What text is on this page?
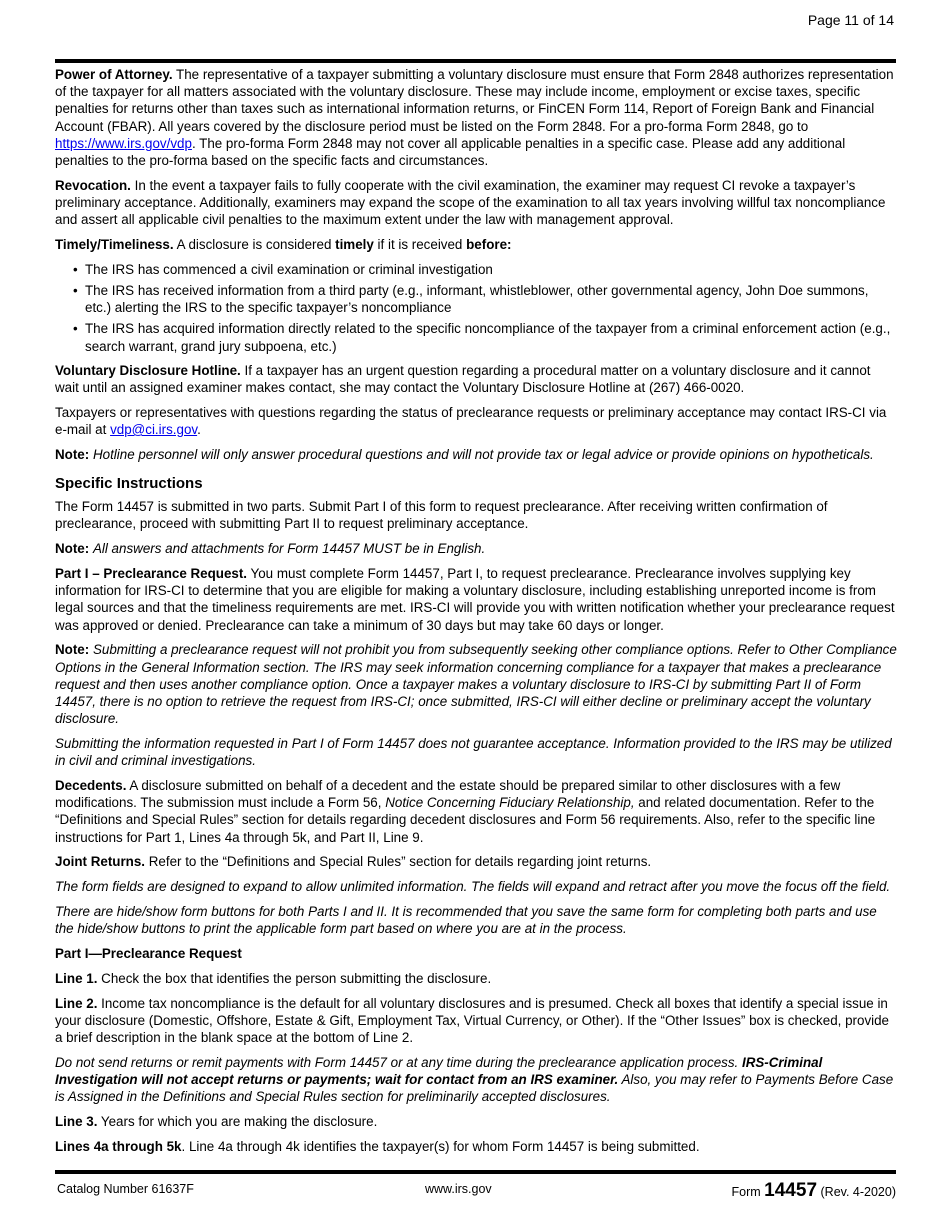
Page 11 of 14

Power of Attorney. The representative of a taxpayer submitting a voluntary disclosure must ensure that Form 2848 authorizes representation of the taxpayer for all matters associated with the voluntary disclosure. These may include income, employment or excise taxes, specific penalties for returns other than taxes such as international information returns, or FinCEN Form 114, Report of Foreign Bank and Financial Account (FBAR). All years covered by the disclosure period must be listed on the Form 2848. For a pro-forma Form 2848, go to https://www.irs.gov/vdp. The pro-forma Form 2848 may not cover all applicable penalties in a specific case. Please add any additional penalties to the pro-forma based on the specific facts and circumstances.

Revocation. In the event a taxpayer fails to fully cooperate with the civil examination, the examiner may request CI revoke a taxpayer’s preliminary acceptance. Additionally, examiners may expand the scope of the examination to all tax years involving willful tax noncompliance and assert all applicable civil penalties to the maximum extent under the law with management approval.

Timely/Timeliness. A disclosure is considered timely if it is received before:

• The IRS has commenced a civil examination or criminal investigation
• The IRS has received information from a third party (e.g., informant, whistleblower, other governmental agency, John Doe summons, etc.) alerting the IRS to the specific taxpayer’s noncompliance
• The IRS has acquired information directly related to the specific noncompliance of the taxpayer from a criminal enforcement action (e.g., search warrant, grand jury subpoena, etc.)

Voluntary Disclosure Hotline. If a taxpayer has an urgent question regarding a procedural matter on a voluntary disclosure and it cannot wait until an assigned examiner makes contact, she may contact the Voluntary Disclosure Hotline at (267) 466-0020.

Taxpayers or representatives with questions regarding the status of preclearance requests or preliminary acceptance may contact IRS-CI via e-mail at vdp@ci.irs.gov.

Note: Hotline personnel will only answer procedural questions and will not provide tax or legal advice or provide opinions on hypotheticals.

Specific Instructions

The Form 14457 is submitted in two parts. Submit Part I of this form to request preclearance. After receiving written confirmation of preclearance, proceed with submitting Part II to request preliminary acceptance.

Note: All answers and attachments for Form 14457 MUST be in English.

Part I – Preclearance Request. You must complete Form 14457, Part I, to request preclearance. Preclearance involves supplying key information for IRS-CI to determine that you are eligible for making a voluntary disclosure, including establishing unreported income is from legal sources and that the timeliness requirements are met. IRS-CI will provide you with written notification whether your preclearance request was approved or denied. Preclearance can take a minimum of 30 days but may take 60 days or longer.

Note: Submitting a preclearance request will not prohibit you from subsequently seeking other compliance options. Refer to Other Compliance Options in the General Information section. The IRS may seek information concerning compliance for a taxpayer that makes a preclearance request and then uses another compliance option. Once a taxpayer makes a voluntary disclosure to IRS-CI by submitting Part II of Form 14457, there is no option to retrieve the request from IRS-CI; once submitted, IRS-CI will either decline or preliminary accept the voluntary disclosure.

Submitting the information requested in Part I of Form 14457 does not guarantee acceptance. Information provided to the IRS may be utilized in civil and criminal investigations.

Decedents. A disclosure submitted on behalf of a decedent and the estate should be prepared similar to other disclosures with a few modifications. The submission must include a Form 56, Notice Concerning Fiduciary Relationship, and related documentation. Refer to the “Definitions and Special Rules” section for details regarding decedent disclosures and Form 56 requirements. Also, refer to the specific line instructions for Part 1, Lines 4a through 5k, and Part II, Line 9.

Joint Returns. Refer to the “Definitions and Special Rules” section for details regarding joint returns.

The form fields are designed to expand to allow unlimited information. The fields will expand and retract after you move the focus off the field.

There are hide/show form buttons for both Parts I and II. It is recommended that you save the same form for completing both parts and use the hide/show buttons to print the applicable form part based on where you are at in the process.

Part I—Preclearance Request

Line 1. Check the box that identifies the person submitting the disclosure.

Line 2. Income tax noncompliance is the default for all voluntary disclosures and is presumed. Check all boxes that identify a special issue in your disclosure (Domestic, Offshore, Estate & Gift, Employment Tax, Virtual Currency, or Other). If the “Other Issues” box is checked, provide a brief description in the blank space at the bottom of Line 2.

Do not send returns or remit payments with Form 14457 or at any time during the preclearance application process. IRS-Criminal Investigation will not accept returns or payments; wait for contact from an IRS examiner. Also, you may refer to Payments Before Case is Assigned in the Definitions and Special Rules section for preliminarily accepted disclosures.

Line 3. Years for which you are making the disclosure.

Lines 4a through 5k. Line 4a through 4k identifies the taxpayer(s) for whom Form 14457 is being submitted.

Catalog Number 61637F	www.irs.gov	Form 14457 (Rev. 4-2020)
